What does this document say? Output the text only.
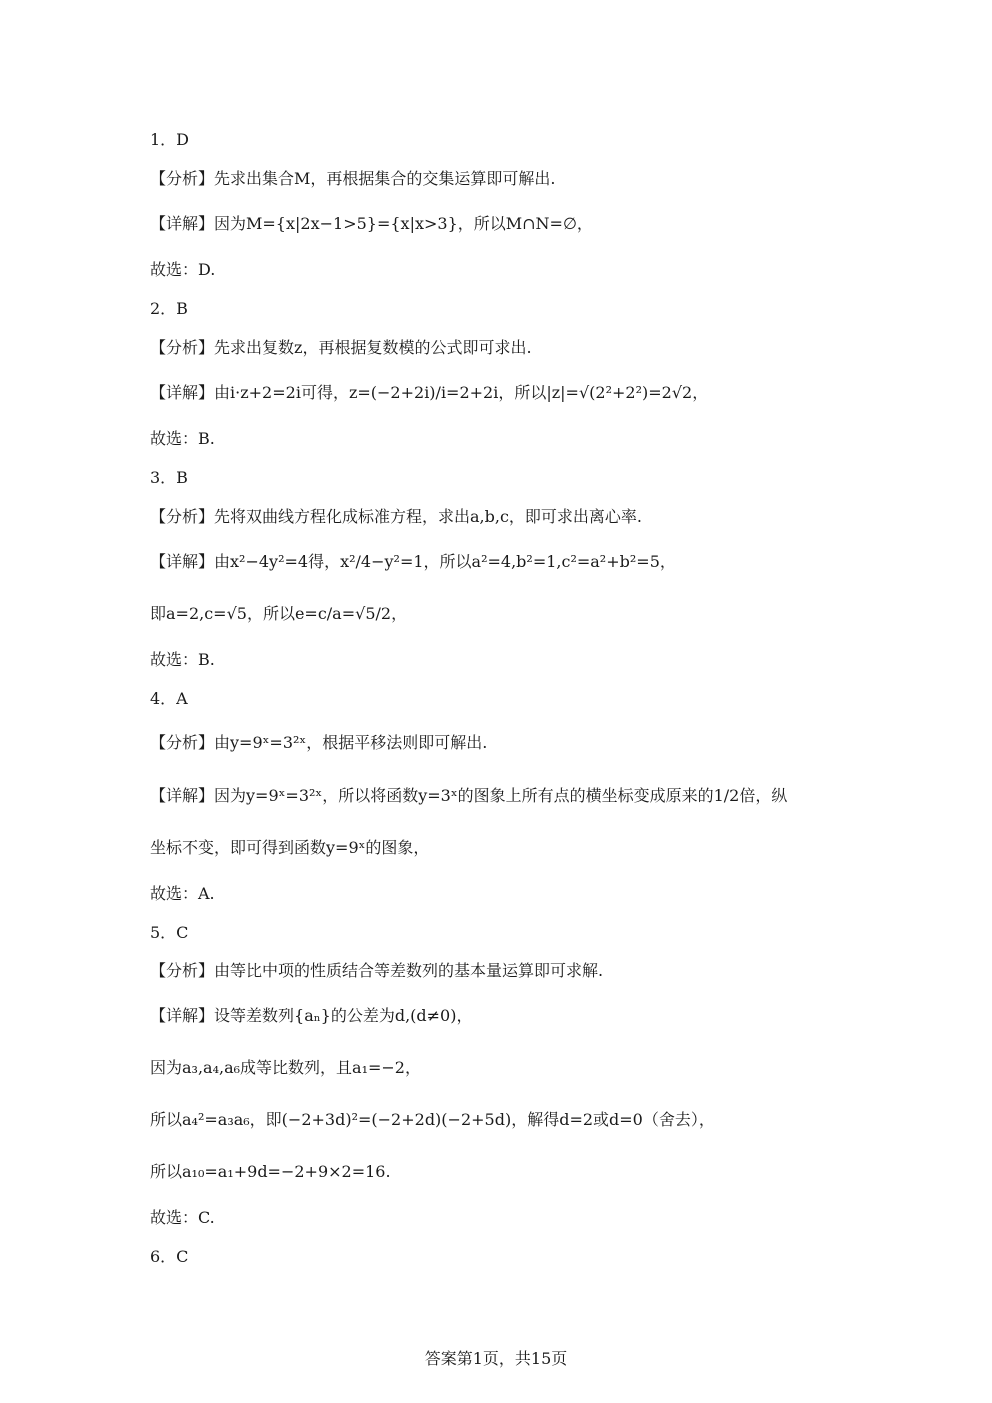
1．D
【分析】先求出集合M，再根据集合的交集运算即可解出.
【详解】因为M={x|2x−1>5}={x|x>3}，所以M∩N=∅，
故选：D.
2．B
【分析】先求出复数z，再根据复数模的公式即可求出.
【详解】由i·z+2=2i可得，z=(−2+2i)/i=2+2i，所以|z|=√(2²+2²)=2√2，
故选：B.
3．B
【分析】先将双曲线方程化成标准方程，求出a,b,c，即可求出离心率.
【详解】由x²−4y²=4得，x²/4−y²=1，所以a²=4,b²=1,c²=a²+b²=5，
即a=2,c=√5，所以e=c/a=√5/2，
故选：B.
4．A
【分析】由y=9ˣ=3²ˣ，根据平移法则即可解出.
【详解】因为y=9ˣ=3²ˣ，所以将函数y=3ˣ的图象上所有点的横坐标变成原来的1/2倍，纵
坐标不变，即可得到函数y=9ˣ的图象，
故选：A.
5．C
【分析】由等比中项的性质结合等差数列的基本量运算即可求解.
【详解】设等差数列{aₙ}的公差为d,(d≠0)，
因为a₃,a₄,a₆成等比数列，且a₁=−2，
所以a₄²=a₃a₆，即(−2+3d)²=(−2+2d)(−2+5d)，解得d=2或d=0（舍去），
所以a₁₀=a₁+9d=−2+9×2=16.
故选：C.
6．C
答案第1页，共15页
